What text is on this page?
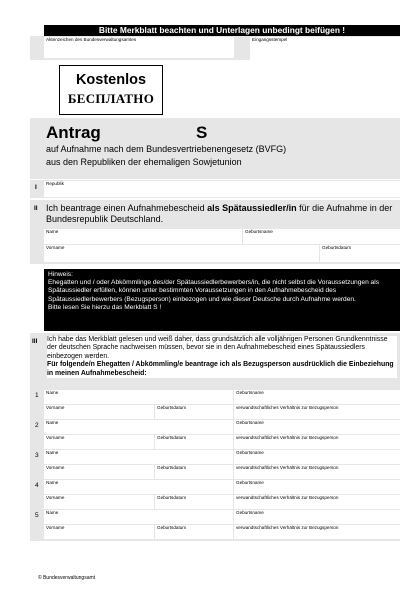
Bitte Merkblatt beachten und Unterlagen unbedingt beifügen !
Aktenzeichen des Bundesverwaltungsamtes	Eingangsstempel
Kostenlos
БЕСПЛАТНО
Antrag	S
auf Aufnahme nach dem Bundesvertriebenengesetz (BVFG)
aus den Republiken der ehemaligen Sowjetunion
I
Republik
II Ich beantrage einen Aufnahmebescheid als Spätaussiedler/in für die Aufnahme in der Bundesrepublik Deutschland.
Name	Geburtsname
Vorname	Geburtsdatum
Hinweis:
Ehegatten und / oder Abkömmlinge des/der Spätaussiedlerbewerbers/in, die nicht selbst die Voraussetzungen als Spätaussiedler erfüllen, können unter bestimmten Voraussetzungen in den Aufnahmebescheid des Spätaussiedlerbewerbers (Bezugsperson) einbezogen und wie dieser Deutsche durch Aufnahme werden.
Bitte lesen Sie hierzu das Merkblatt S !
III Ich habe das Merkblatt gelesen und weiß daher, dass grundsätzlich alle volljährigen Personen Grundkenntnisse der deutschen Sprache nachweisen müssen, bevor sie in den Aufnahmebescheid eines Spätaussiedlers einbezogen werden.
Für folgende/n Ehegatten / Abkömmling/e beantrage ich als Bezugsperson ausdrücklich die Einbeziehung in meinen Aufnahmebescheid:
1 Name	Geburtsname
Vorname	Geburtsdatum	verwandtschaftliches Verhältnis zur Bezugsperson
2 Name	Geburtsname
Vorname	Geburtsdatum	verwandtschaftliches Verhältnis zur Bezugsperson
3 Name	Geburtsname
Vorname	Geburtsdatum	verwandtschaftliches Verhältnis zur Bezugsperson
4 Name	Geburtsname
Vorname	Geburtsdatum	verwandtschaftliches Verhältnis zur Bezugsperson
5 Name	Geburtsname
Vorname	Geburtsdatum	verwandtschaftliches Verhältnis zur Bezugsperson
© Bundesverwaltungsamt
